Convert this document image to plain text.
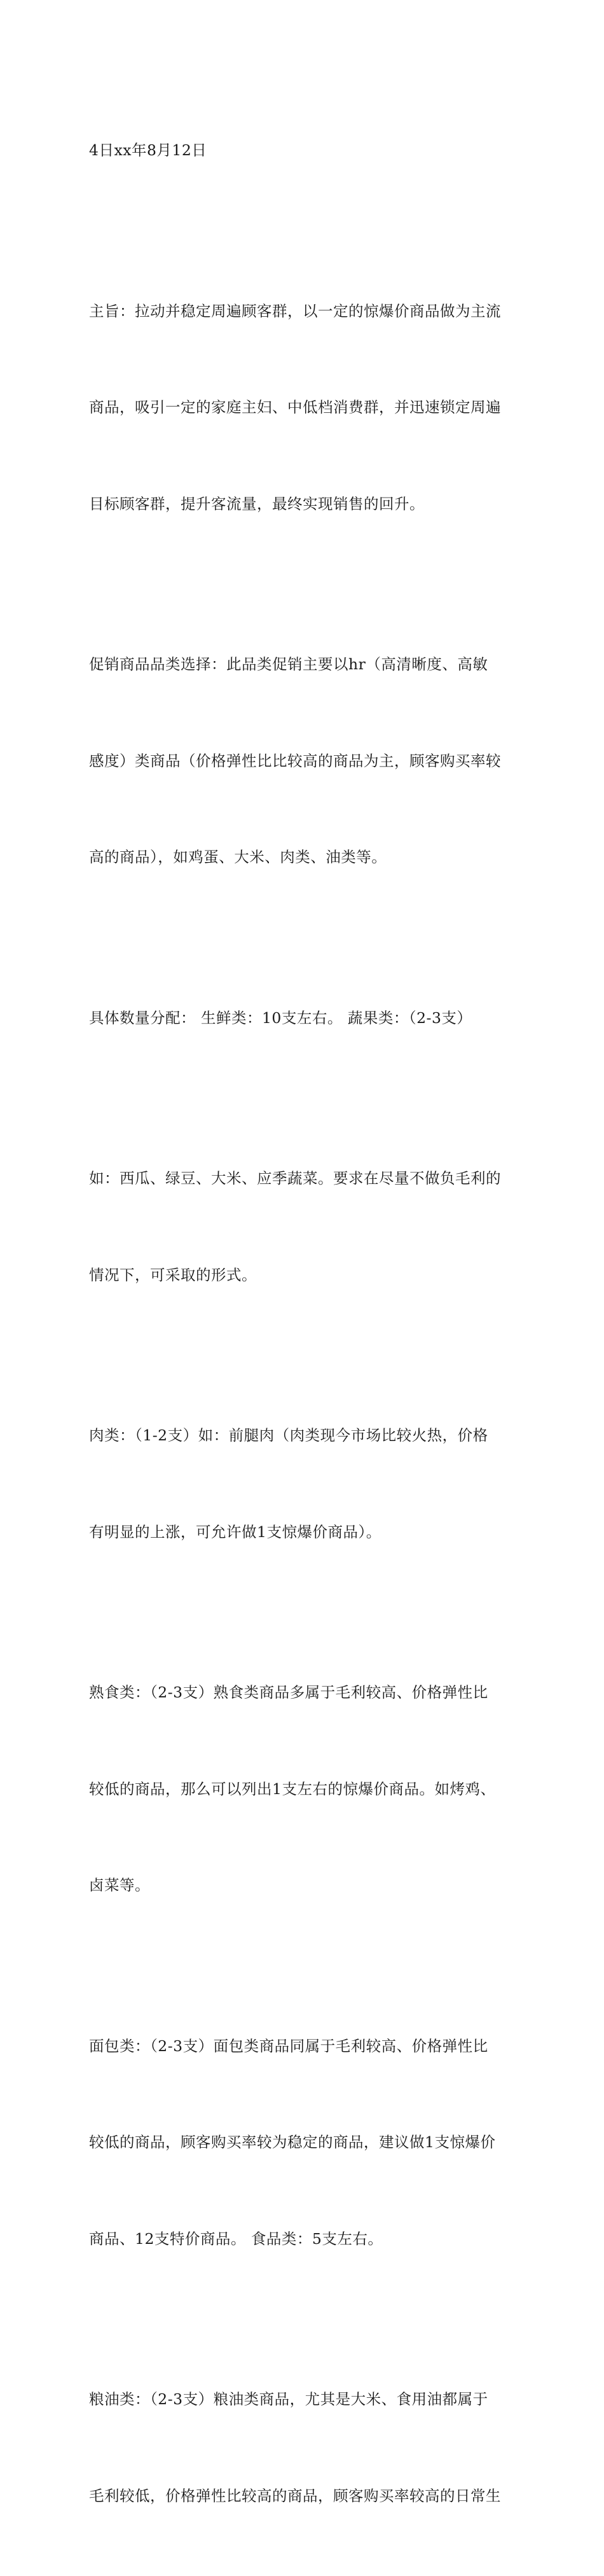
4日xx年8月12日

主旨：拉动并稳定周遍顾客群，以一定的惊爆价商品做为主流

商品，吸引一定的家庭主妇、中低档消费群，并迅速锁定周遍

目标顾客群，提升客流量，最终实现销售的回升。

促销商品品类选择：此品类促销主要以hr（高清晰度、高敏

感度）类商品（价格弹性比比较高的商品为主，顾客购买率较

高的商品），如鸡蛋、大米、肉类、油类等。

具体数量分配： 生鲜类：10支左右。 蔬果类：（2-3支）

如：西瓜、绿豆、大米、应季蔬菜。要求在尽量不做负毛利的

情况下，可采取的形式。

肉类：（1-2支）如：前腿肉（肉类现今市场比较火热，价格

有明显的上涨，可允许做1支惊爆价商品）。

熟食类：（2-3支）熟食类商品多属于毛利较高、价格弹性比

较低的商品，那么可以列出1支左右的惊爆价商品。如烤鸡、

卤菜等。

面包类：（2-3支）面包类商品同属于毛利较高、价格弹性比

较低的商品，顾客购买率较为稳定的商品，建议做1支惊爆价

商品、12支特价商品。 食品类：5支左右。

粮油类：（2-3支）粮油类商品，尤其是大米、食用油都属于

毛利较低，价格弹性比较高的商品，顾客购买率较高的日常生
